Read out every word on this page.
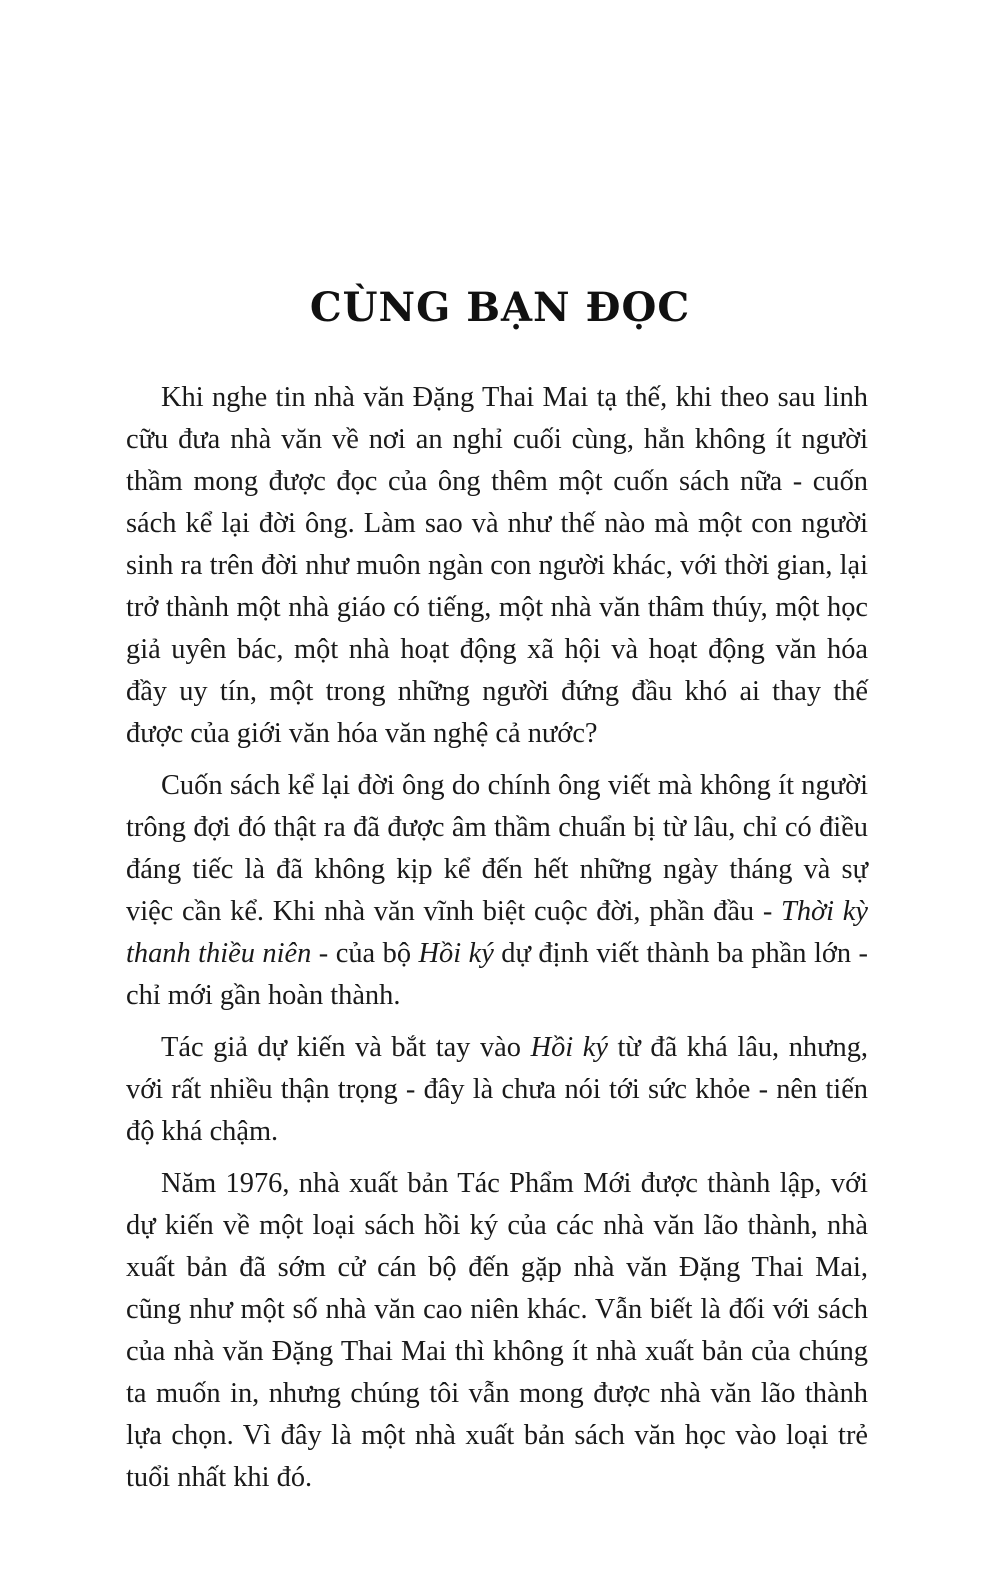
CÙNG BẠN ĐỌC

Khi nghe tin nhà văn Đặng Thai Mai tạ thế, khi theo sau linh cữu đưa nhà văn về nơi an nghỉ cuối cùng, hẳn không ít người thầm mong được đọc của ông thêm một cuốn sách nữa - cuốn sách kể lại đời ông. Làm sao và như thế nào mà một con người sinh ra trên đời như muôn ngàn con người khác, với thời gian, lại trở thành một nhà giáo có tiếng, một nhà văn thâm thúy, một học giả uyên bác, một nhà hoạt động xã hội và hoạt động văn hóa đầy uy tín, một trong những người đứng đầu khó ai thay thế được của giới văn hóa văn nghệ cả nước?

Cuốn sách kể lại đời ông do chính ông viết mà không ít người trông đợi đó thật ra đã được âm thầm chuẩn bị từ lâu, chỉ có điều đáng tiếc là đã không kịp kể đến hết những ngày tháng và sự việc cần kể. Khi nhà văn vĩnh biệt cuộc đời, phần đầu - Thời kỳ thanh thiều niên - của bộ Hồi ký dự định viết thành ba phần lớn - chỉ mới gần hoàn thành.

Tác giả dự kiến và bắt tay vào Hồi ký từ đã khá lâu, nhưng, với rất nhiều thận trọng - đây là chưa nói tới sức khỏe - nên tiến độ khá chậm.

Năm 1976, nhà xuất bản Tác Phẩm Mới được thành lập, với dự kiến về một loại sách hồi ký của các nhà văn lão thành, nhà xuất bản đã sớm cử cán bộ đến gặp nhà văn Đặng Thai Mai, cũng như một số nhà văn cao niên khác. Vẫn biết là đối với sách của nhà văn Đặng Thai Mai thì không ít nhà xuất bản của chúng ta muốn in, nhưng chúng tôi vẫn mong được nhà văn lão thành lựa chọn. Vì đây là một nhà xuất bản sách văn học vào loại trẻ tuổi nhất khi đó.
